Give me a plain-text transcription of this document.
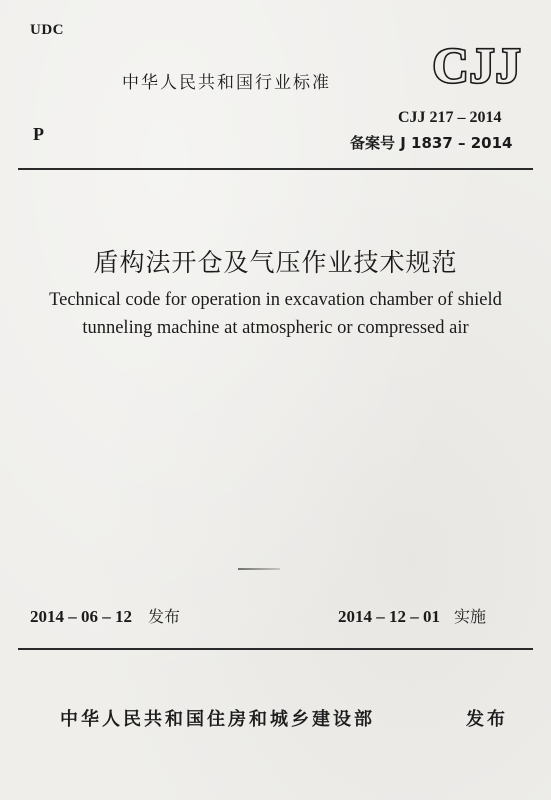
UDC
中华人民共和国行业标准 CJJ
P
CJJ 217 – 2014
备案号 J 1837 – 2014
盾构法开仓及气压作业技术规范
Technical code for operation in excavation chamber of shield
tunneling machine at atmospheric or compressed air
2014 – 06 – 12 发布	2014 – 12 – 01 实施
中华人民共和国住房和城乡建设部	发布
